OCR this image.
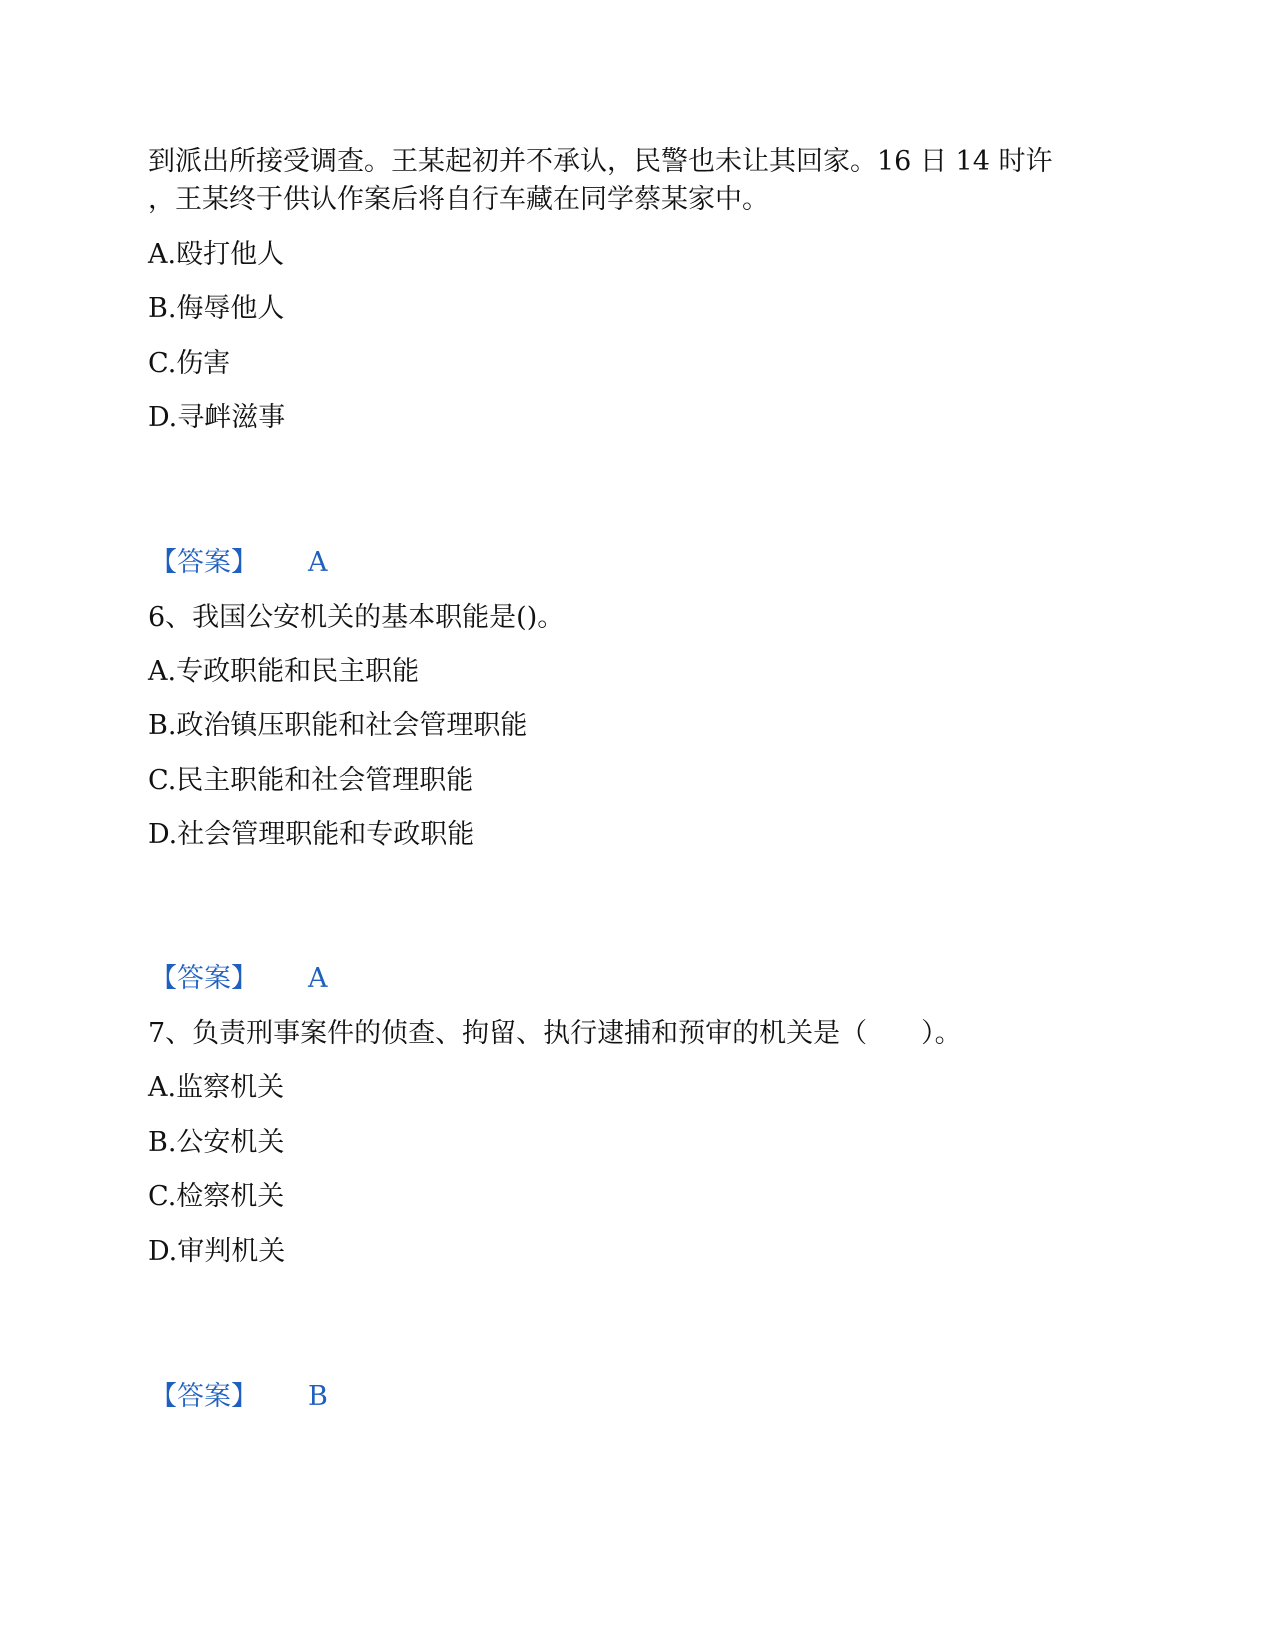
到派出所接受调查。王某起初并不承认，民警也未让其回家。16 日 14 时许
，王某终于供认作案后将自行车藏在同学蔡某家中。
A.殴打他人
B.侮辱他人
C.伤害
D.寻衅滋事
【答案】 A
6、我国公安机关的基本职能是()。
A.专政职能和民主职能
B.政治镇压职能和社会管理职能
C.民主职能和社会管理职能
D.社会管理职能和专政职能
【答案】 A
7、负责刑事案件的侦查、拘留、执行逮捕和预审的机关是（　　）。
A.监察机关
B.公安机关
C.检察机关
D.审判机关
【答案】 B
